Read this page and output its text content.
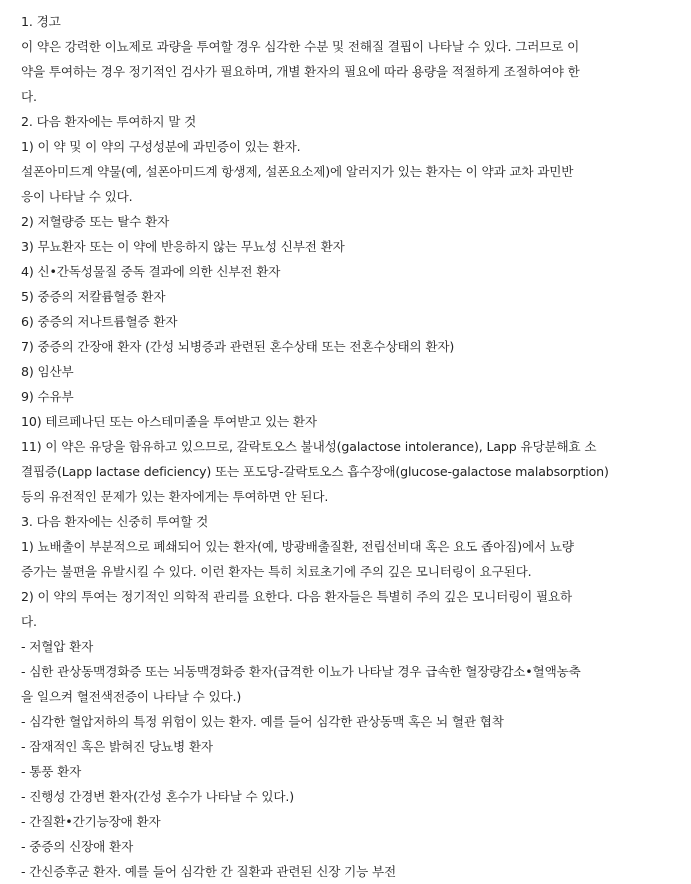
1. 경고
이 약은 강력한 이뇨제로 과량을 투여할 경우 심각한 수분 및 전해질 결핍이 나타날 수 있다. 그러므로 이
약을 투여하는 경우 정기적인 검사가 필요하며, 개별 환자의 필요에 따라 용량을 적절하게 조절하여야 한
다.
2. 다음 환자에는 투여하지 말 것
1) 이 약 및 이 약의 구성성분에 과민증이 있는 환자.
설폰아미드계 약물(예, 설폰아미드계 항생제, 설폰요소제)에 알러지가 있는 환자는 이 약과 교차 과민반
응이 나타날 수 있다.
2) 저혈량증 또는 탈수 환자
3) 무뇨환자 또는 이 약에 반응하지 않는 무뇨성 신부전 환자
4) 신•간독성물질 중독 결과에 의한 신부전 환자
5) 중증의 저칼륨혈증 환자
6) 중증의 저나트륨혈증 환자
7) 중증의 간장애 환자 (간성 뇌병증과 관련된 혼수상태 또는 전혼수상태의 환자)
8) 임산부
9) 수유부
10) 테르페나딘 또는 아스테미졸을 투여받고 있는 환자
11) 이 약은 유당을 함유하고 있으므로, 갈락토오스 불내성(galactose intolerance), Lapp 유당분해효 소
결핍증(Lapp lactase deficiency) 또는 포도당-갈락토오스 흡수장애(glucose-galactose malabsorption)
등의 유전적인 문제가 있는 환자에게는 투여하면 안 된다.
3. 다음 환자에는 신중히 투여할 것
1) 뇨배출이 부분적으로 폐쇄되어 있는 환자(예, 방광배출질환, 전립선비대 혹은 요도 좁아짐)에서 뇨량
증가는 불편을 유발시킬 수 있다. 이런 환자는 특히 치료초기에 주의 깊은 모니터링이 요구된다.
2) 이 약의 투여는 정기적인 의학적 관리를 요한다. 다음 환자들은 특별히 주의 깊은 모니터링이 필요하
다.
- 저혈압 환자
- 심한 관상동맥경화증 또는 뇌동맥경화증 환자(급격한 이뇨가 나타날 경우 급속한 혈장량감소•혈액농축
을 일으켜 혈전색전증이 나타날 수 있다.)
- 심각한 혈압저하의 특정 위험이 있는 환자. 예를 들어 심각한 관상동맥 혹은 뇌 혈관 협착
- 잠재적인 혹은 밝혀진 당뇨병 환자
- 통풍 환자
- 진행성 간경변 환자(간성 혼수가 나타날 수 있다.)
- 간질환•간기능장애 환자
- 중증의 신장애 환자
- 간신증후군 환자. 예를 들어 심각한 간 질환과 관련된 신장 기능 부전
